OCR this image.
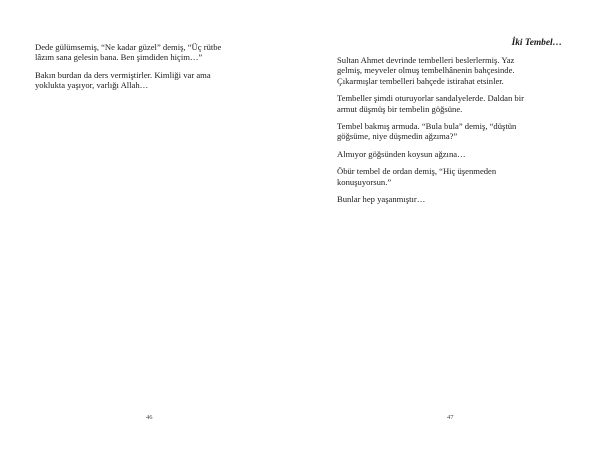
Dede gülümsemiş, “Ne kadar güzel” demiş, “Üç rütbe
lâzım sana gelesin bana. Ben şimdiden hiçim…”

Bakın burdan da ders vermiştirler. Kimliği var ama
yoklukta yaşıyor, varlığı Allah…

46
İki Tembel…

Sultan Ahmet devrinde tembelleri beslerlermiş. Yaz
gelmiş, meyveler olmuş tembelhânenin bahçesinde.
Çıkarmışlar tembelleri bahçede istirahat etsinler.

Tembeller şimdi oturuyorlar sandalyelerde. Daldan bir
armut düşmüş bir tembelin göğsüne.

Tembel bakmış armuda. “Bula bula” demiş, “düştün
göğsüme, niye düşmedin ağzıma?”

Almıyor göğsünden koysun ağzına…

Öbür tembel de ordan demiş, “Hiç üşenmeden
konuşuyorsun.”

Bunlar hep yaşanmıştır…

47
